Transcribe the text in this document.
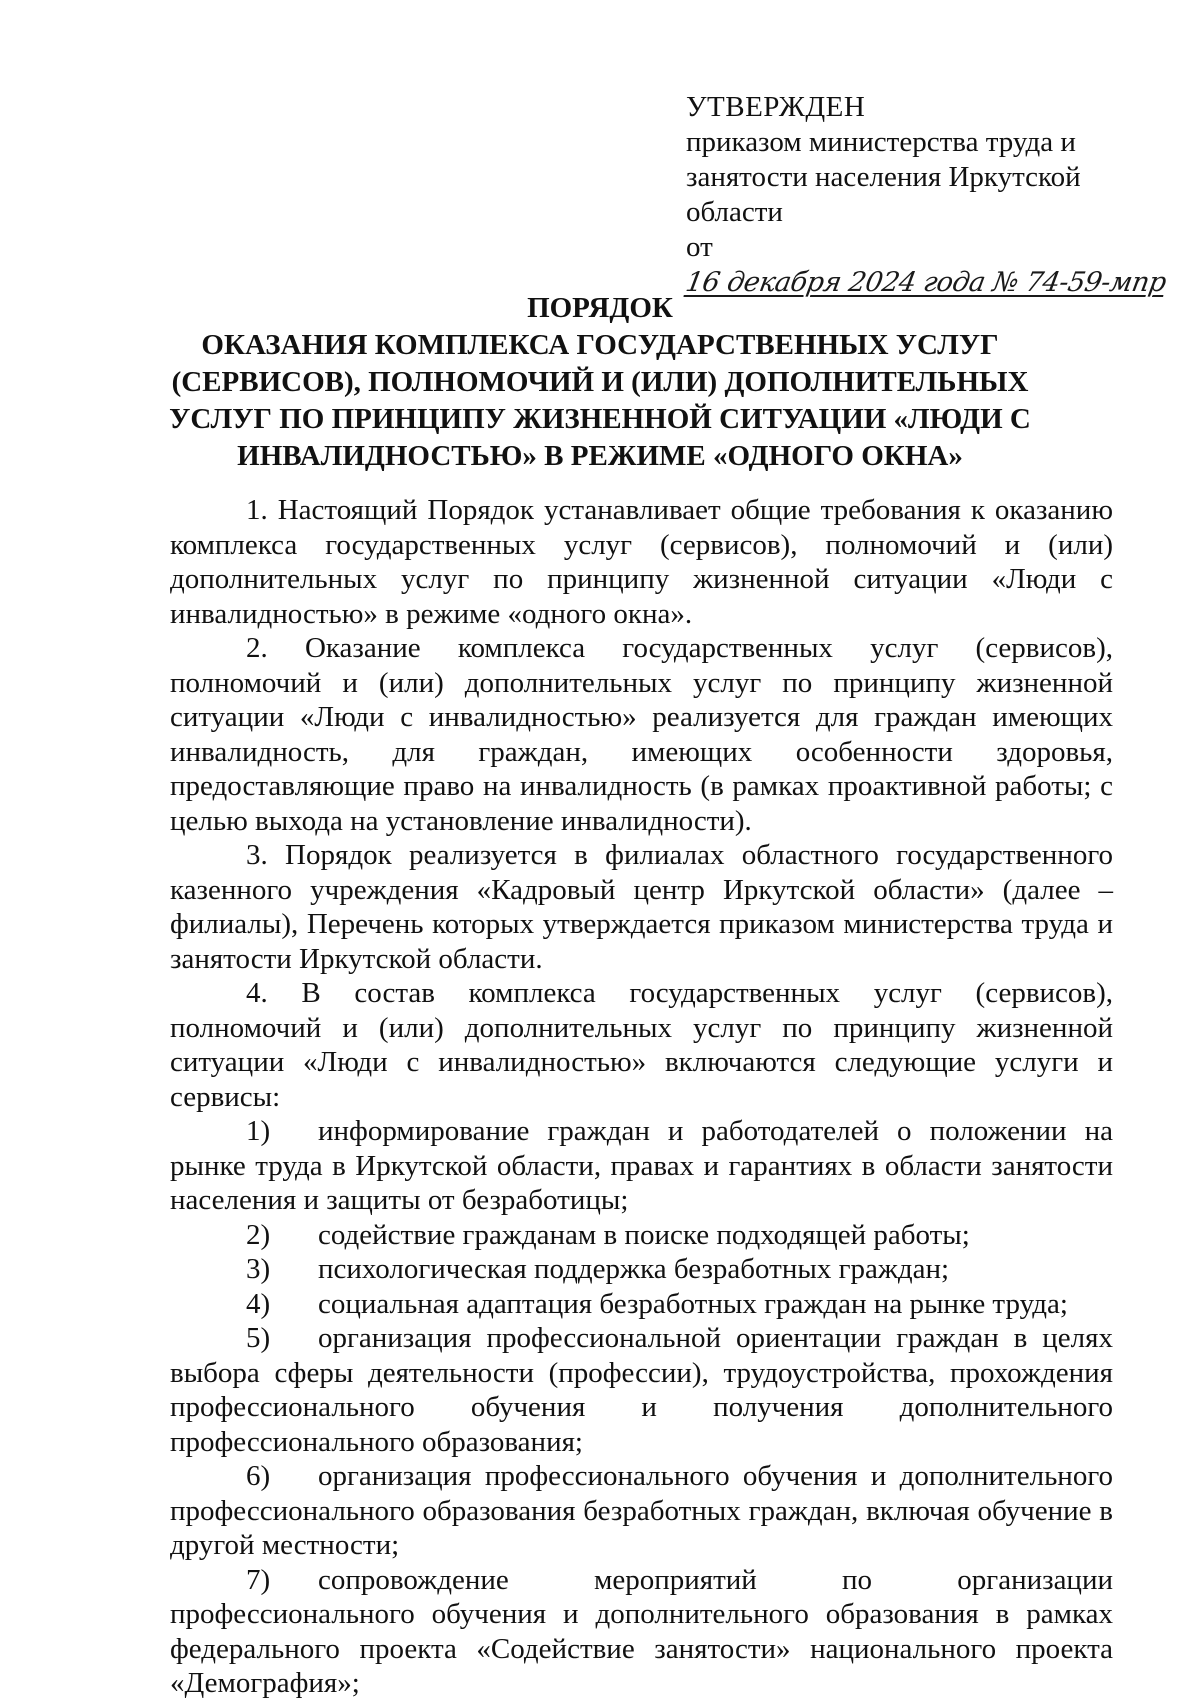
УТВЕРЖДЕН
приказом министерства труда и
занятости населения Иркутской
области
от 16 декабря 2024 года № 74-59-мпр
ПОРЯДОК
ОКАЗАНИЯ КОМПЛЕКСА ГОСУДАРСТВЕННЫХ УСЛУГ
(СЕРВИСОВ), ПОЛНОМОЧИЙ И (ИЛИ) ДОПОЛНИТЕЛЬНЫХ
УСЛУГ ПО ПРИНЦИПУ ЖИЗНЕННОЙ СИТУАЦИИ «ЛЮДИ С
ИНВАЛИДНОСТЬЮ» В РЕЖИМЕ «ОДНОГО ОКНА»

1. Настоящий Порядок устанавливает общие требования к оказанию комплекса государственных услуг (сервисов), полномочий и (или) дополнительных услуг по принципу жизненной ситуации «Люди с инвалидностью» в режиме «одного окна».

2. Оказание комплекса государственных услуг (сервисов), полномочий и (или) дополнительных услуг по принципу жизненной ситуации «Люди с инвалидностью» реализуется для граждан имеющих инвалидность, для граждан, имеющих особенности здоровья, предоставляющие право на инвалидность (в рамках проактивной работы; с целью выхода на установление инвалидности).

3. Порядок реализуется в филиалах областного государственного казенного учреждения «Кадровый центр Иркутской области» (далее – филиалы), Перечень которых утверждается приказом министерства труда и занятости Иркутской области.

4. В состав комплекса государственных услуг (сервисов), полномочий и (или) дополнительных услуг по принципу жизненной ситуации «Люди с инвалидностью» включаются следующие услуги и сервисы:

1) информирование граждан и работодателей о положении на рынке труда в Иркутской области, правах и гарантиях в области занятости населения и защиты от безработицы;
2) содействие гражданам в поиске подходящей работы;
3) психологическая поддержка безработных граждан;
4) социальная адаптация безработных граждан на рынке труда;
5) организация профессиональной ориентации граждан в целях выбора сферы деятельности (профессии), трудоустройства, прохождения профессионального обучения и получения дополнительного профессионального образования;
6) организация профессионального обучения и дополнительного профессионального образования безработных граждан, включая обучение в другой местности;
7) сопровождение мероприятий по организации профессионального обучения и дополнительного образования в рамках федерального проекта «Содействие занятости» национального проекта «Демография»;
